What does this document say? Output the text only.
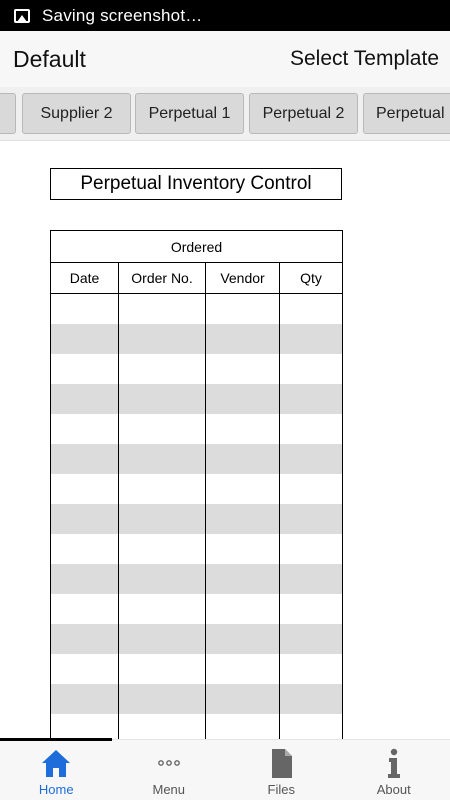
Saving screenshot…
Default	Select Template
Supplier 2	Perpetual 1	Perpetual 2	Perpetual
Perpetual Inventory Control
Ordered			
Date	Order No.	Vendor	Qty

Home	Menu	Files	About
